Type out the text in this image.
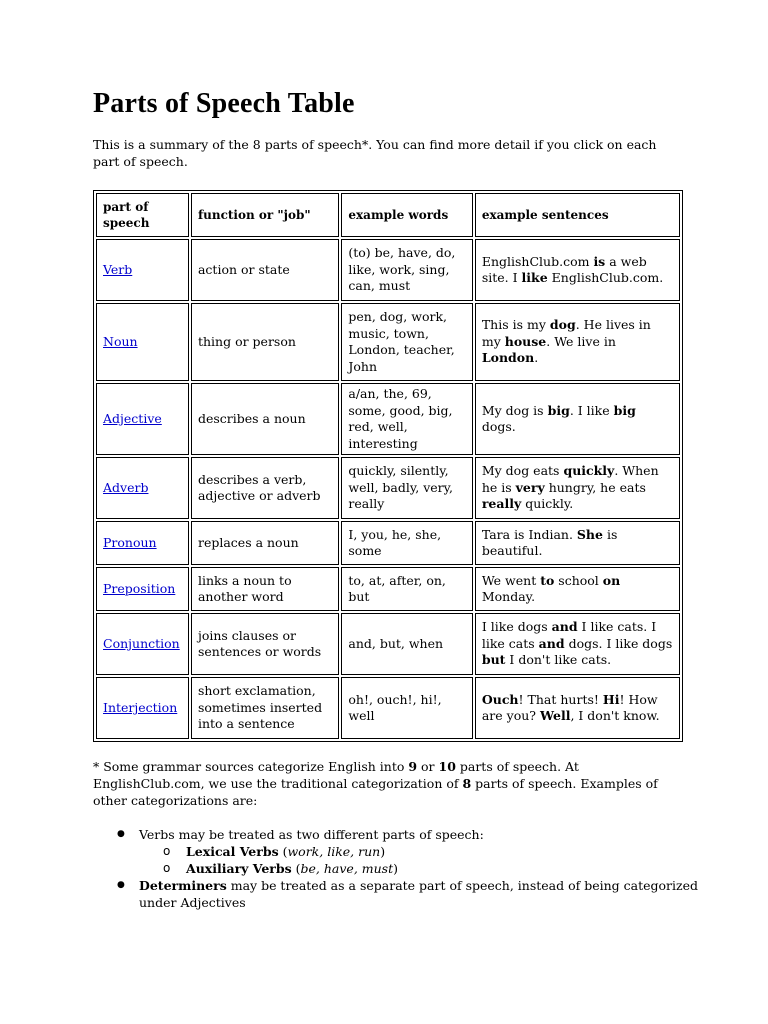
Parts of Speech Table

This is a summary of the 8 parts of speech*. You can find more detail if you click on each part of speech.

part of speech	function or "job"	example words	example sentences
Verb	action or state	(to) be, have, do, like, work, sing, can, must	EnglishClub.com is a web site. I like EnglishClub.com.
Noun	thing or person	pen, dog, work, music, town, London, teacher, John	This is my dog. He lives in my house. We live in London.
Adjective	describes a noun	a/an, the, 69, some, good, big, red, well, interesting	My dog is big. I like big dogs.
Adverb	describes a verb, adjective or adverb	quickly, silently, well, badly, very, really	My dog eats quickly. When he is very hungry, he eats really quickly.
Pronoun	replaces a noun	I, you, he, she, some	Tara is Indian. She is beautiful.
Preposition	links a noun to another word	to, at, after, on, but	We went to school on Monday.
Conjunction	joins clauses or sentences or words	and, but, when	I like dogs and I like cats. I like cats and dogs. I like dogs but I don't like cats.
Interjection	short exclamation, sometimes inserted into a sentence	oh!, ouch!, hi!, well	Ouch! That hurts! Hi! How are you? Well, I don't know.

* Some grammar sources categorize English into 9 or 10 parts of speech. At EnglishClub.com, we use the traditional categorization of 8 parts of speech. Examples of other categorizations are:

● Verbs may be treated as two different parts of speech:
o Lexical Verbs (work, like, run)
o Auxiliary Verbs (be, have, must)
● Determiners may be treated as a separate part of speech, instead of being categorized under Adjectives
